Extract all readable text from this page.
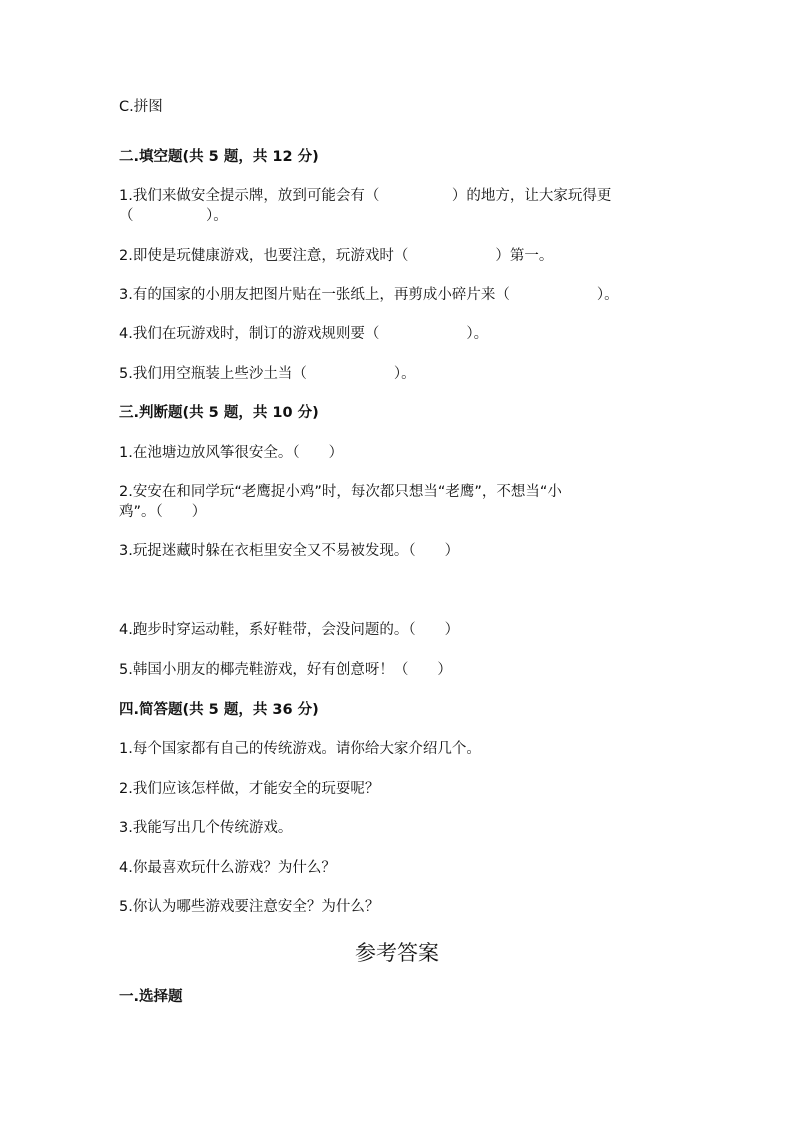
C.拼图
二.填空题(共 5 题，共 12 分)
1.我们来做安全提示牌，放到可能会有（　　　　　）的地方，让大家玩得更
（　　　　　）。
2.即使是玩健康游戏，也要注意，玩游戏时（　　　　　　）第一。
3.有的国家的小朋友把图片贴在一张纸上，再剪成小碎片来（　　　　　　）。
4.我们在玩游戏时，制订的游戏规则要（　　　　　　）。
5.我们用空瓶装上些沙土当（　　　　　　）。
三.判断题(共 5 题，共 10 分)
1.在池塘边放风筝很安全。（　　）
2.安安在和同学玩“老鹰捉小鸡”时，每次都只想当“老鹰”，不想当“小
鸡”。（　　）
3.玩捉迷藏时躲在衣柜里安全又不易被发现。（　　）
4.跑步时穿运动鞋，系好鞋带，会没问题的。（　　）
5.韩国小朋友的椰壳鞋游戏，好有创意呀！（　　）
四.简答题(共 5 题，共 36 分)
1.每个国家都有自己的传统游戏。请你给大家介绍几个。
2.我们应该怎样做，才能安全的玩耍呢？
3.我能写出几个传统游戏。
4.你最喜欢玩什么游戏？为什么？
5.你认为哪些游戏要注意安全？为什么？
参考答案
一.选择题
